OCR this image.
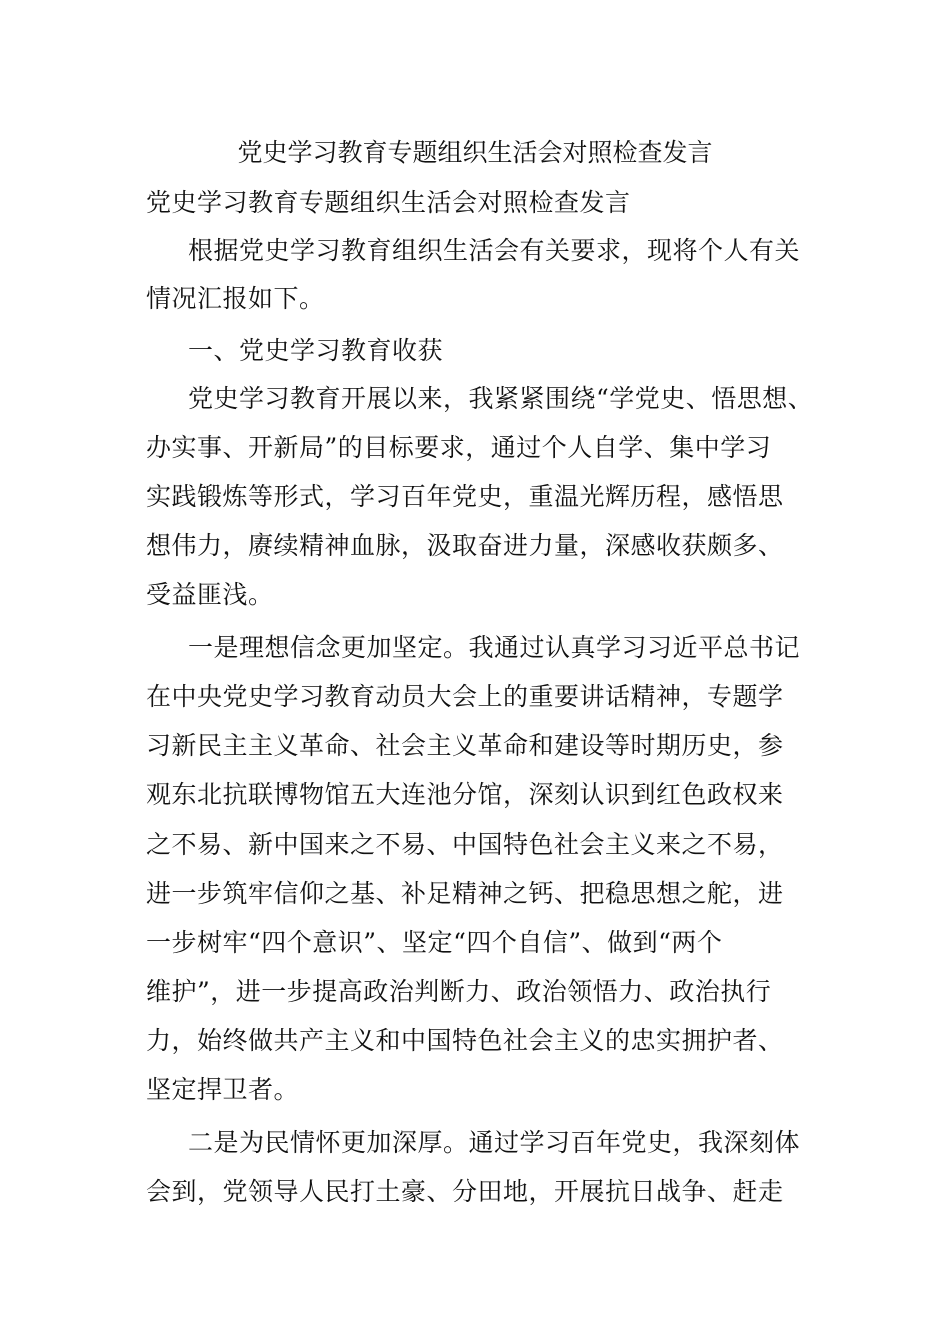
党史学习教育专题组织生活会对照检查发言
党史学习教育专题组织生活会对照检查发言
根据党史学习教育组织生活会有关要求，现将个人有关
情况汇报如下。
一、党史学习教育收获
党史学习教育开展以来，我紧紧围绕“学党史、悟思想、
办实事、开新局”的目标要求，通过个人自学、集中学习
实践锻炼等形式，学习百年党史，重温光辉历程，感悟思
想伟力，赓续精神血脉，汲取奋进力量，深感收获颇多、
受益匪浅。
一是理想信念更加坚定。我通过认真学习习近平总书记
在中央党史学习教育动员大会上的重要讲话精神，专题学
习新民主主义革命、社会主义革命和建设等时期历史，参
观东北抗联博物馆五大连池分馆，深刻认识到红色政权来
之不易、新中国来之不易、中国特色社会主义来之不易，
进一步筑牢信仰之基、补足精神之钙、把稳思想之舵，进
一步树牢“四个意识”、坚定“四个自信”、做到“两个
维护”，进一步提高政治判断力、政治领悟力、政治执行
力，始终做共产主义和中国特色社会主义的忠实拥护者、
坚定捍卫者。
二是为民情怀更加深厚。通过学习百年党史，我深刻体
会到，党领导人民打土豪、分田地，开展抗日战争、赶走
